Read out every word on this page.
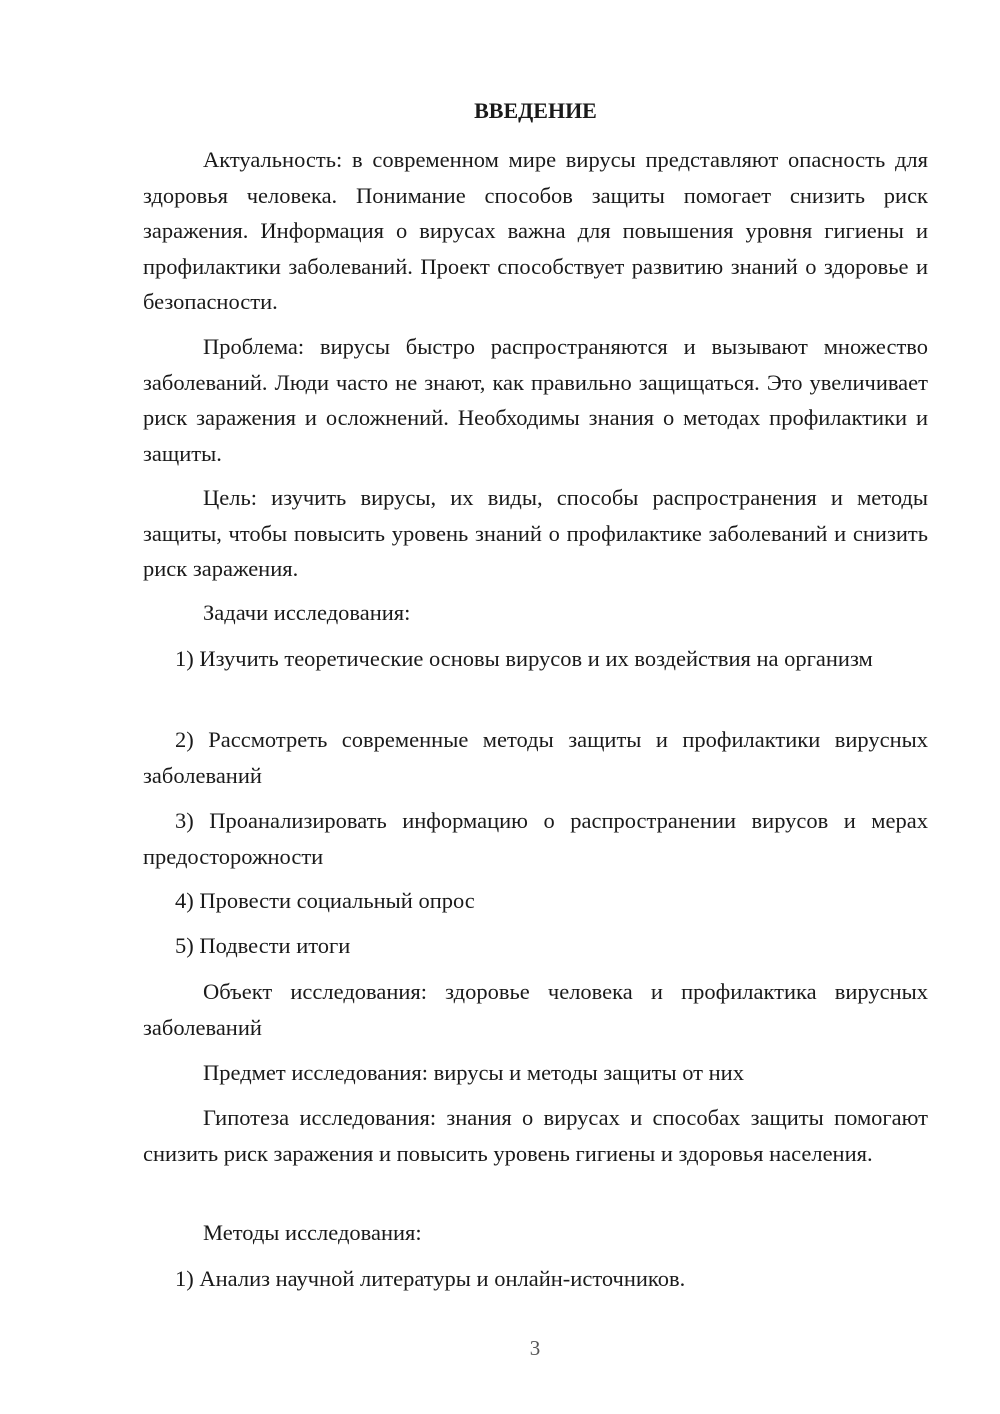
ВВЕДЕНИЕ

Актуальность: в современном мире вирусы представляют опасность для здоровья человека. Понимание способов защиты помогает снизить риск заражения. Информация о вирусах важна для повышения уровня гигиены и профилактики заболеваний. Проект способствует развитию знаний о здоровье и безопасности.

Проблема: вирусы быстро распространяются и вызывают множество заболеваний. Люди часто не знают, как правильно защищаться. Это увеличивает риск заражения и осложнений. Необходимы знания о методах профилактики и защиты.

Цель: изучить вирусы, их виды, способы распространения и методы защиты, чтобы повысить уровень знаний о профилактике заболеваний и снизить риск заражения.

Задачи исследования:

1) Изучить теоретические основы вирусов и их воздействия на организм

2) Рассмотреть современные методы защиты и профилактики вирусных заболеваний

3) Проанализировать информацию о распространении вирусов и мерах предосторожности

4) Провести социальный опрос

5) Подвести итоги

Объект исследования: здоровье человека и профилактика вирусных заболеваний

Предмет исследования: вирусы и методы защиты от них

Гипотеза исследования: знания о вирусах и способах защиты помогают снизить риск заражения и повысить уровень гигиены и здоровья населения.

Методы исследования:

1) Анализ научной литературы и онлайн-источников.

3
